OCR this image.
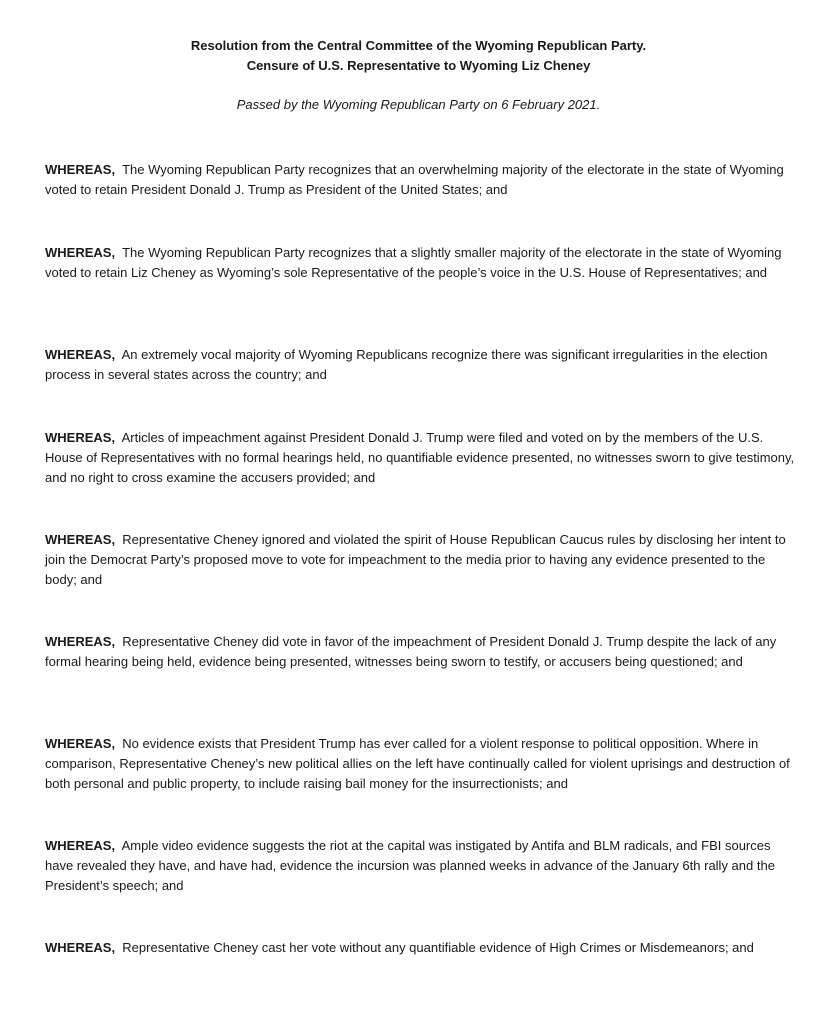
Resolution from the Central Committee of the Wyoming Republican Party.

Censure of U.S. Representative to Wyoming Liz Cheney

Passed by the Wyoming Republican Party on 6 February 2021.

WHEREAS, The Wyoming Republican Party recognizes that an overwhelming majority of the electorate in the state of Wyoming voted to retain President Donald J. Trump as President of the United States; and

WHEREAS, The Wyoming Republican Party recognizes that a slightly smaller majority of the electorate in the state of Wyoming voted to retain Liz Cheney as Wyoming’s sole Representative of the people’s voice in the U.S. House of Representatives; and

WHEREAS, An extremely vocal majority of Wyoming Republicans recognize there was significant irregularities in the election process in several states across the country; and

WHEREAS, Articles of impeachment against President Donald J. Trump were filed and voted on by the members of the U.S. House of Representatives with no formal hearings held, no quantifiable evidence presented, no witnesses sworn to give testimony, and no right to cross examine the accusers provided; and

WHEREAS, Representative Cheney ignored and violated the spirit of House Republican Caucus rules by disclosing her intent to join the Democrat Party’s proposed move to vote for impeachment to the media prior to having any evidence presented to the body; and

WHEREAS, Representative Cheney did vote in favor of the impeachment of President Donald J. Trump despite the lack of any formal hearing being held, evidence being presented, witnesses being sworn to testify, or accusers being questioned; and

WHEREAS, No evidence exists that President Trump has ever called for a violent response to political opposition. Where in comparison, Representative Cheney’s new political allies on the left have continually called for violent uprisings and destruction of both personal and public property, to include raising bail money for the insurrectionists; and

WHEREAS, Ample video evidence suggests the riot at the capital was instigated by Antifa and BLM radicals, and FBI sources have revealed they have, and have had, evidence the incursion was planned weeks in advance of the January 6th rally and the President’s speech; and

WHEREAS, Representative Cheney cast her vote without any quantifiable evidence of High Crimes or Misdemeanors; and
